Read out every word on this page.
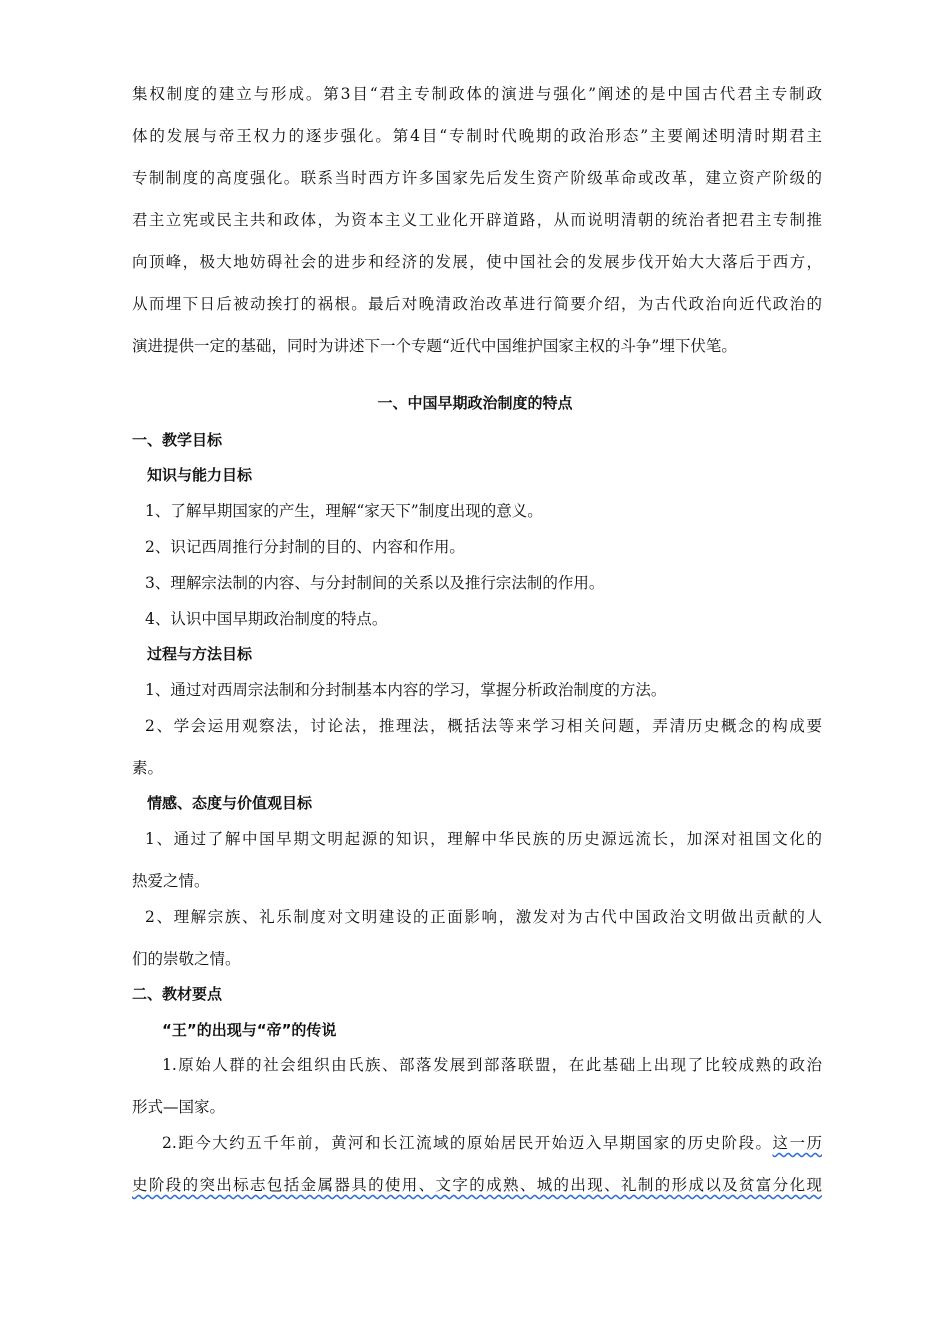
集权制度的建立与形成。第3目“君主专制政体的演进与强化”阐述的是中国古代君主专制政
体的发展与帝王权力的逐步强化。第4目“专制时代晚期的政治形态”主要阐述明清时期君主
专制制度的高度强化。联系当时西方许多国家先后发生资产阶级革命或改革，建立资产阶级的
君主立宪或民主共和政体，为资本主义工业化开辟道路，从而说明清朝的统治者把君主专制推
向顶峰，极大地妨碍社会的进步和经济的发展，使中国社会的发展步伐开始大大落后于西方，
从而埋下日后被动挨打的祸根。最后对晚清政治改革进行简要介绍，为古代政治向近代政治的
演进提供一定的基础，同时为讲述下一个专题“近代中国维护国家主权的斗争”埋下伏笔。
一、中国早期政治制度的特点
一、教学目标
知识与能力目标
1、了解早期国家的产生，理解“家天下”制度出现的意义。
2、识记西周推行分封制的目的、内容和作用。
3、理解宗法制的内容、与分封制间的关系以及推行宗法制的作用。
4、认识中国早期政治制度的特点。
过程与方法目标
1、通过对西周宗法制和分封制基本内容的学习，掌握分析政治制度的方法。
2、学会运用观察法，讨论法，推理法，概括法等来学习相关问题，弄清历史概念的构成要
素。
情感、态度与价值观目标
1、通过了解中国早期文明起源的知识，理解中华民族的历史源远流长，加深对祖国文化的
热爱之情。
2、理解宗族、礼乐制度对文明建设的正面影响，激发对为古代中国政治文明做出贡献的人
们的崇敬之情。
二、教材要点
“王”的出现与“帝”的传说
1.原始人群的社会组织由氏族、部落发展到部落联盟，在此基础上出现了比较成熟的政治
形式—国家。
2.距今大约五千年前，黄河和长江流域的原始居民开始迈入早期国家的历史阶段。这一历
史阶段的突出标志包括金属器具的使用、文字的成熟、城的出现、礼制的形成以及贫富分化现
